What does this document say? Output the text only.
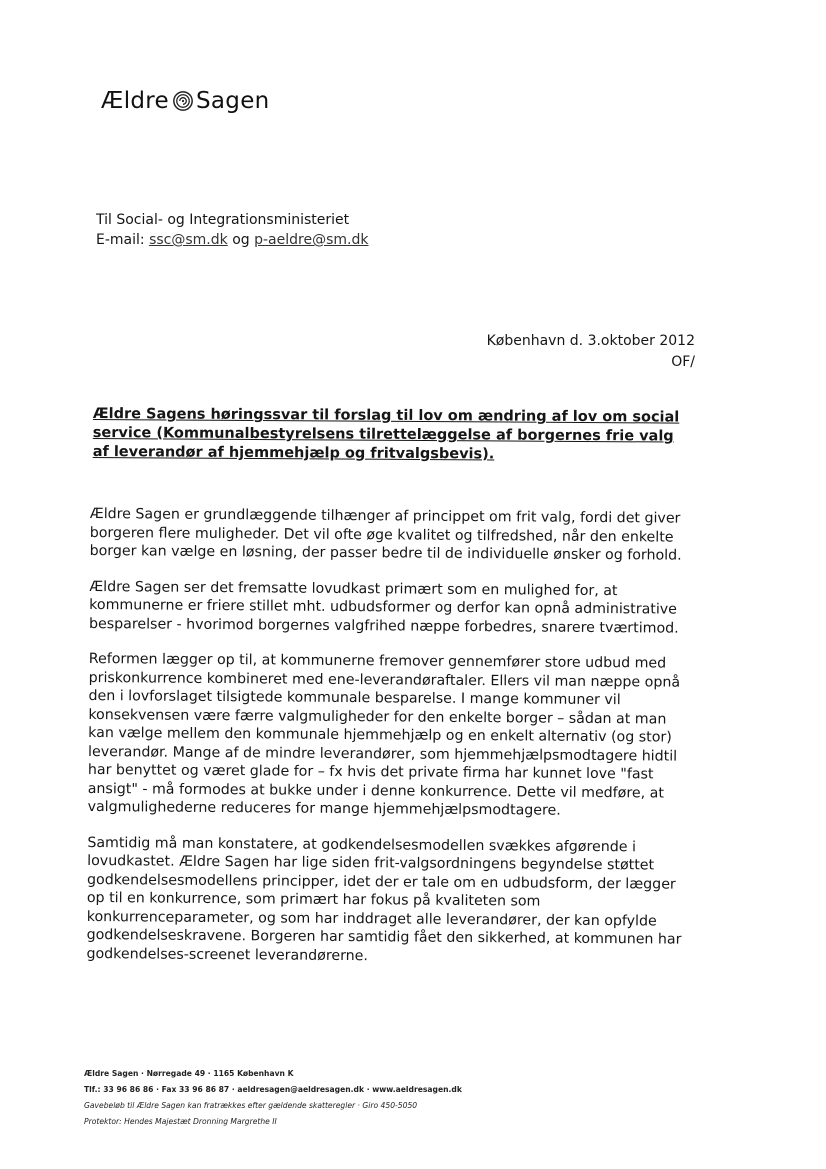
Ældre Sagen
Til Social- og Integrationsministeriet
E-mail: ssc@sm.dk og p-aeldre@sm.dk
København d. 3.oktober 2012
OF/
Ældre Sagens høringssvar til forslag til lov om ændring af lov om social service (Kommunalbestyrelsens tilrettelæggelse af borgernes frie valg af leverandør af hjemmehjælp og fritvalgsbevis).

Ældre Sagen er grundlæggende tilhænger af princippet om frit valg, fordi det giver borgeren flere muligheder. Det vil ofte øge kvalitet og tilfredshed, når den enkelte borger kan vælge en løsning, der passer bedre til de individuelle ønsker og forhold.

Ældre Sagen ser det fremsatte lovudkast primært som en mulighed for, at kommunerne er friere stillet mht. udbudsformer og derfor kan opnå administrative besparelser - hvorimod borgernes valgfrihed næppe forbedres, snarere tværtimod.

Reformen lægger op til, at kommunerne fremover gennemfører store udbud med priskonkurrence kombineret med ene-leverandøraftaler. Ellers vil man næppe opnå den i lovforslaget tilsigtede kommunale besparelse. I mange kommuner vil konsekvensen være færre valgmuligheder for den enkelte borger – sådan at man kan vælge mellem den kommunale hjemmehjælp og en enkelt alternativ (og stor) leverandør. Mange af de mindre leverandører, som hjemmehjælpsmodtagere hidtil har benyttet og været glade for – fx hvis det private firma har kunnet love "fast ansigt" - må formodes at bukke under i denne konkurrence. Dette vil medføre, at valgmulighederne reduceres for mange hjemmehjælpsmodtagere.

Samtidig må man konstatere, at godkendelsesmodellen svækkes afgørende i lovudkastet. Ældre Sagen har lige siden frit-valgsordningens begyndelse støttet godkendelsesmodellens principper, idet der er tale om en udbudsform, der lægger op til en konkurrence, som primært har fokus på kvaliteten som konkurrenceparameter, og som har inddraget alle leverandører, der kan opfylde godkendelseskravene. Borgeren har samtidig fået den sikkerhed, at kommunen har godkendelses-screenet leverandørerne.

Ældre Sagen · Nørregade 49 · 1165 København K
Tlf.: 33 96 86 86 · Fax 33 96 86 87 · aeldresagen@aeldresagen.dk · www.aeldresagen.dk
Gavebeløb til Ældre Sagen kan fratrækkes efter gældende skatteregler · Giro 450-5050
Protektor: Hendes Majestæt Dronning Margrethe II
